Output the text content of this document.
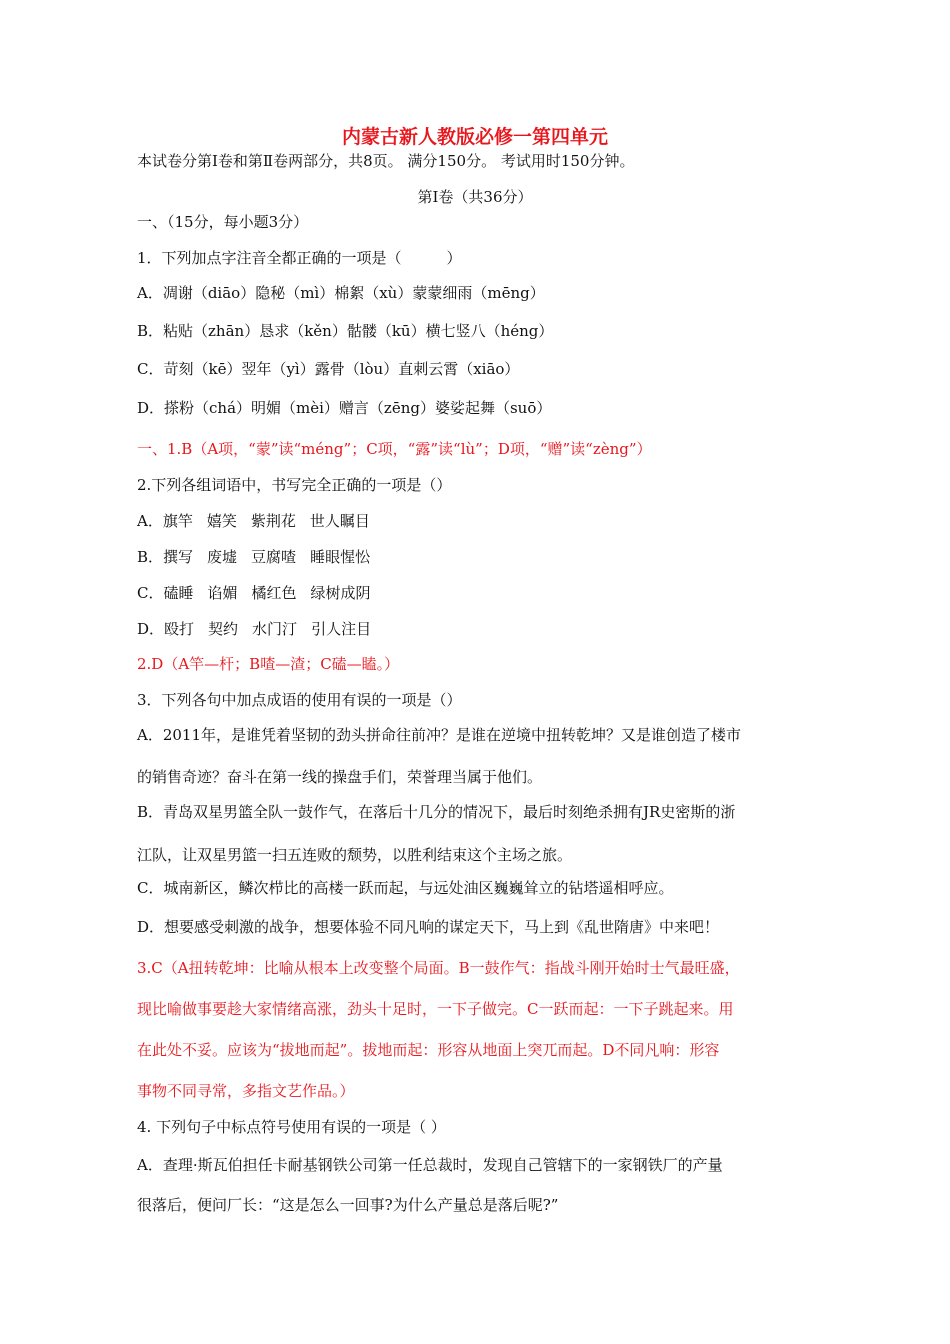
内蒙古新人教版必修一第四单元
本试卷分第Ⅰ卷和第Ⅱ卷两部分，共8页。 满分150分。 考试用时150分钟。
第Ⅰ卷（共36分）
一、（15分，每小题3分）
1．下列加点字注音全都正确的一项是（　　　）
A．凋谢（diāo）隐秘（mì）棉絮（xù）蒙蒙细雨（mēng）
B．粘贴（zhān）恳求（kěn）骷髅（kū）横七竖八（héng）
C．苛刻（kē）翌年（yì）露骨（lòu）直刺云霄（xiāo）
D．搽粉（chá）明媚（mèi）赠言（zēng）婆娑起舞（suō）
一、1.B（A项，“蒙”读“méng”；C项，“露”读“lù”；D项，“赠”读“zèng”）
2.下列各组词语中，书写完全正确的一项是（）
A．旗竿 嬉笑 紫荆花 世人瞩目
B．撰写 废墟 豆腐喳 睡眼惺忪
C．磕睡 谄媚 橘红色 绿树成阴
D．殴打 契约 水门汀 引人注目
2.D（A竿—杆；B喳—渣；C磕—瞌。）
3．下列各句中加点成语的使用有误的一项是（）
A．2011年，是谁凭着坚韧的劲头拼命往前冲？是谁在逆境中扭转乾坤？又是谁创造了楼市
的销售奇迹？奋斗在第一线的操盘手们，荣誉理当属于他们。
B．青岛双星男篮全队一鼓作气，在落后十几分的情况下，最后时刻绝杀拥有JR史密斯的浙
江队，让双星男篮一扫五连败的颓势，以胜利结束这个主场之旅。
C．城南新区，鳞次栉比的高楼一跃而起，与远处油区巍巍耸立的钻塔遥相呼应。
D．想要感受刺激的战争，想要体验不同凡响的谋定天下，马上到《乱世隋唐》中来吧！
3.C（A扭转乾坤：比喻从根本上改变整个局面。B一鼓作气：指战斗刚开始时士气最旺盛，
现比喻做事要趁大家情绪高涨，劲头十足时，一下子做完。C一跃而起：一下子跳起来。用
在此处不妥。应该为“拔地而起”。拔地而起：形容从地面上突兀而起。D不同凡响：形容
事物不同寻常，多指文艺作品。）
4. 下列句子中标点符号使用有误的一项是（ ）
A．查理·斯瓦伯担任卡耐基钢铁公司第一任总裁时，发现自己管辖下的一家钢铁厂的产量
很落后，便问厂长：“这是怎么一回事?为什么产量总是落后呢?”
